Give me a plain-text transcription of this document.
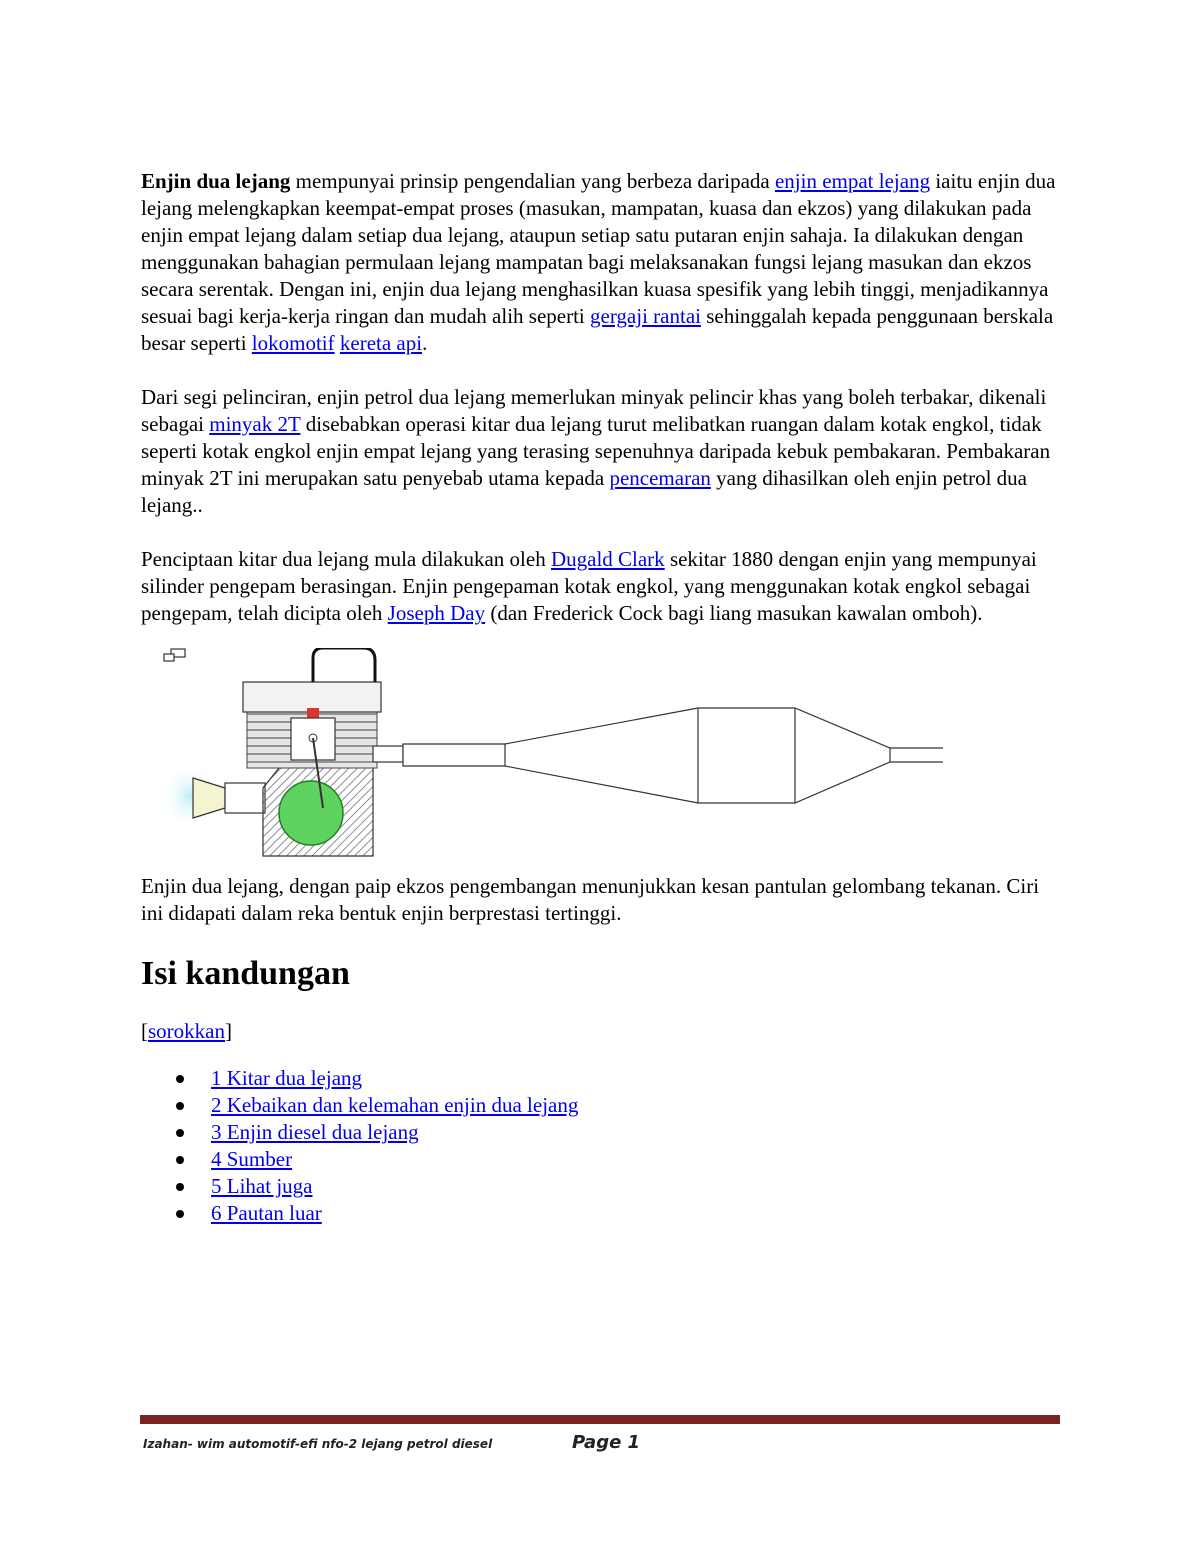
Enjin dua lejang mempunyai prinsip pengendalian yang berbeza daripada enjin empat lejang iaitu enjin dua lejang melengkapkan keempat-empat proses (masukan, mampatan, kuasa dan ekzos) yang dilakukan pada enjin empat lejang dalam setiap dua lejang, ataupun setiap satu putaran enjin sahaja. Ia dilakukan dengan menggunakan bahagian permulaan lejang mampatan bagi melaksanakan fungsi lejang masukan dan ekzos secara serentak. Dengan ini, enjin dua lejang menghasilkan kuasa spesifik yang lebih tinggi, menjadikannya sesuai bagi kerja-kerja ringan dan mudah alih seperti gergaji rantai sehinggalah kepada penggunaan berskala besar seperti lokomotif kereta api.

Dari segi pelinciran, enjin petrol dua lejang memerlukan minyak pelincir khas yang boleh terbakar, dikenali sebagai minyak 2T disebabkan operasi kitar dua lejang turut melibatkan ruangan dalam kotak engkol, tidak seperti kotak engkol enjin empat lejang yang terasing sepenuhnya daripada kebuk pembakaran. Pembakaran minyak 2T ini merupakan satu penyebab utama kepada pencemaran yang dihasilkan oleh enjin petrol dua lejang..

Penciptaan kitar dua lejang mula dilakukan oleh Dugald Clark sekitar 1880 dengan enjin yang mempunyai silinder pengepam berasingan. Enjin pengepaman kotak engkol, yang menggunakan kotak engkol sebagai pengepam, telah dicipta oleh Joseph Day (dan Frederick Cock bagi liang masukan kawalan omboh).

Enjin dua lejang, dengan paip ekzos pengembangan menunjukkan kesan pantulan gelombang tekanan. Ciri ini didapati dalam reka bentuk enjin berprestasi tertinggi.

Isi kandungan
[sorokkan]
1 Kitar dua lejang
2 Kebaikan dan kelemahan enjin dua lejang
3 Enjin diesel dua lejang
4 Sumber
5 Lihat juga
6 Pautan luar
Izahan- wim automotif-efi nfo-2 lejang petrol diesel	Page 1
